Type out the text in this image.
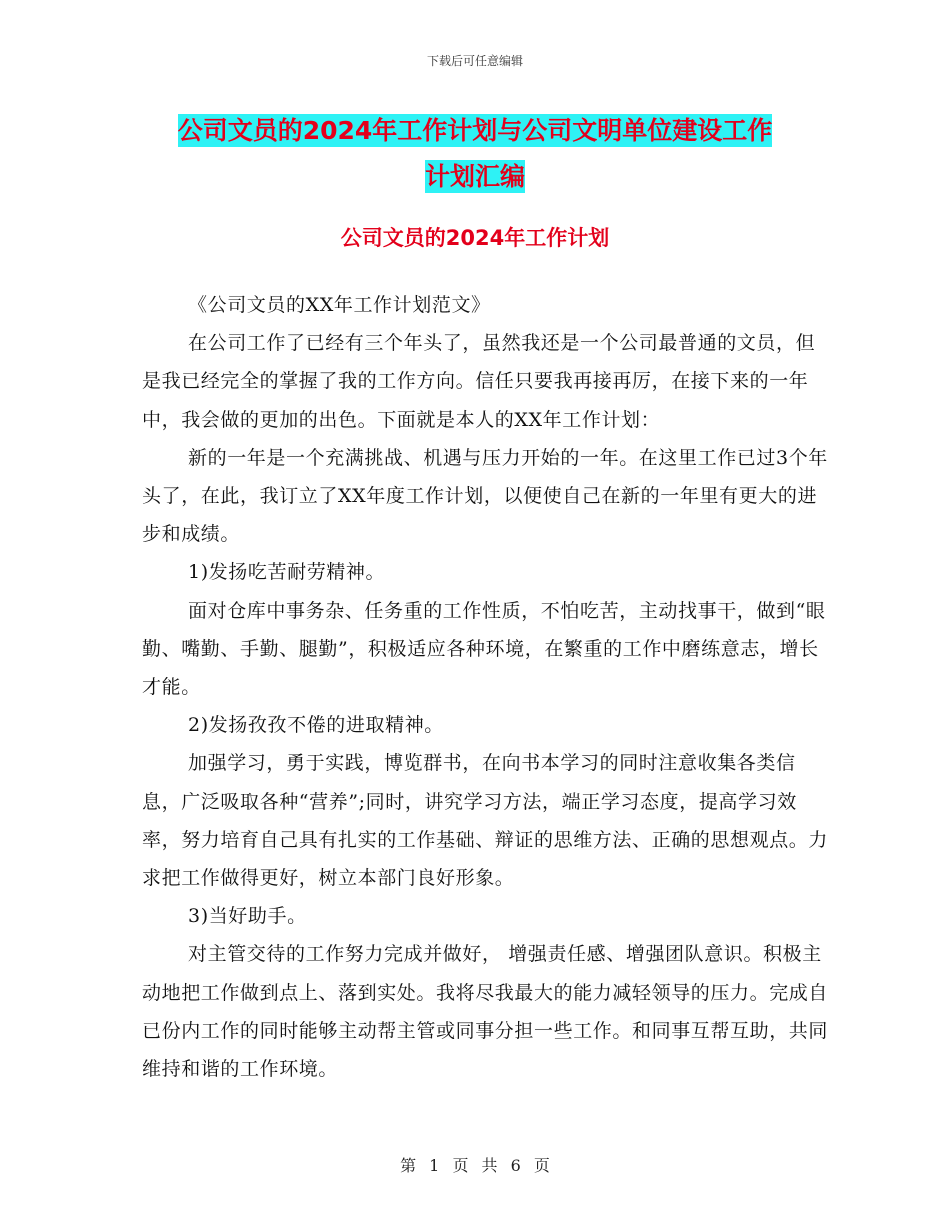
下载后可任意编辑
公司文员的2024年工作计划与公司文明单位建设工作
计划汇编
公司文员的2024年工作计划

《公司文员的XX年工作计划范文》

在公司工作了已经有三个年头了，虽然我还是一个公司最普通的文员，但是我已经完全的掌握了我的工作方向。信任只要我再接再厉，在接下来的一年中，我会做的更加的出色。下面就是本人的XX年工作计划：

新的一年是一个充满挑战、机遇与压力开始的一年。在这里工作已过3个年头了，在此，我订立了XX年度工作计划，以便使自己在新的一年里有更大的进步和成绩。

1)发扬吃苦耐劳精神。

面对仓库中事务杂、任务重的工作性质，不怕吃苦，主动找事干，做到“眼勤、嘴勤、手勤、腿勤”，积极适应各种环境，在繁重的工作中磨练意志，增长才能。

2)发扬孜孜不倦的进取精神。

加强学习，勇于实践，博览群书，在向书本学习的同时注意收集各类信息，广泛吸取各种“营养”;同时，讲究学习方法，端正学习态度，提高学习效率，努力培育自己具有扎实的工作基础、辩证的思维方法、正确的思想观点。力求把工作做得更好，树立本部门良好形象。

3)当好助手。

对主管交待的工作努力完成并做好， 增强责任感、增强团队意识。积极主动地把工作做到点上、落到实处。我将尽我最大的能力减轻领导的压力。完成自已份内工作的同时能够主动帮主管或同事分担一些工作。和同事互帮互助，共同维持和谐的工作环境。

第 1 页 共 6 页
